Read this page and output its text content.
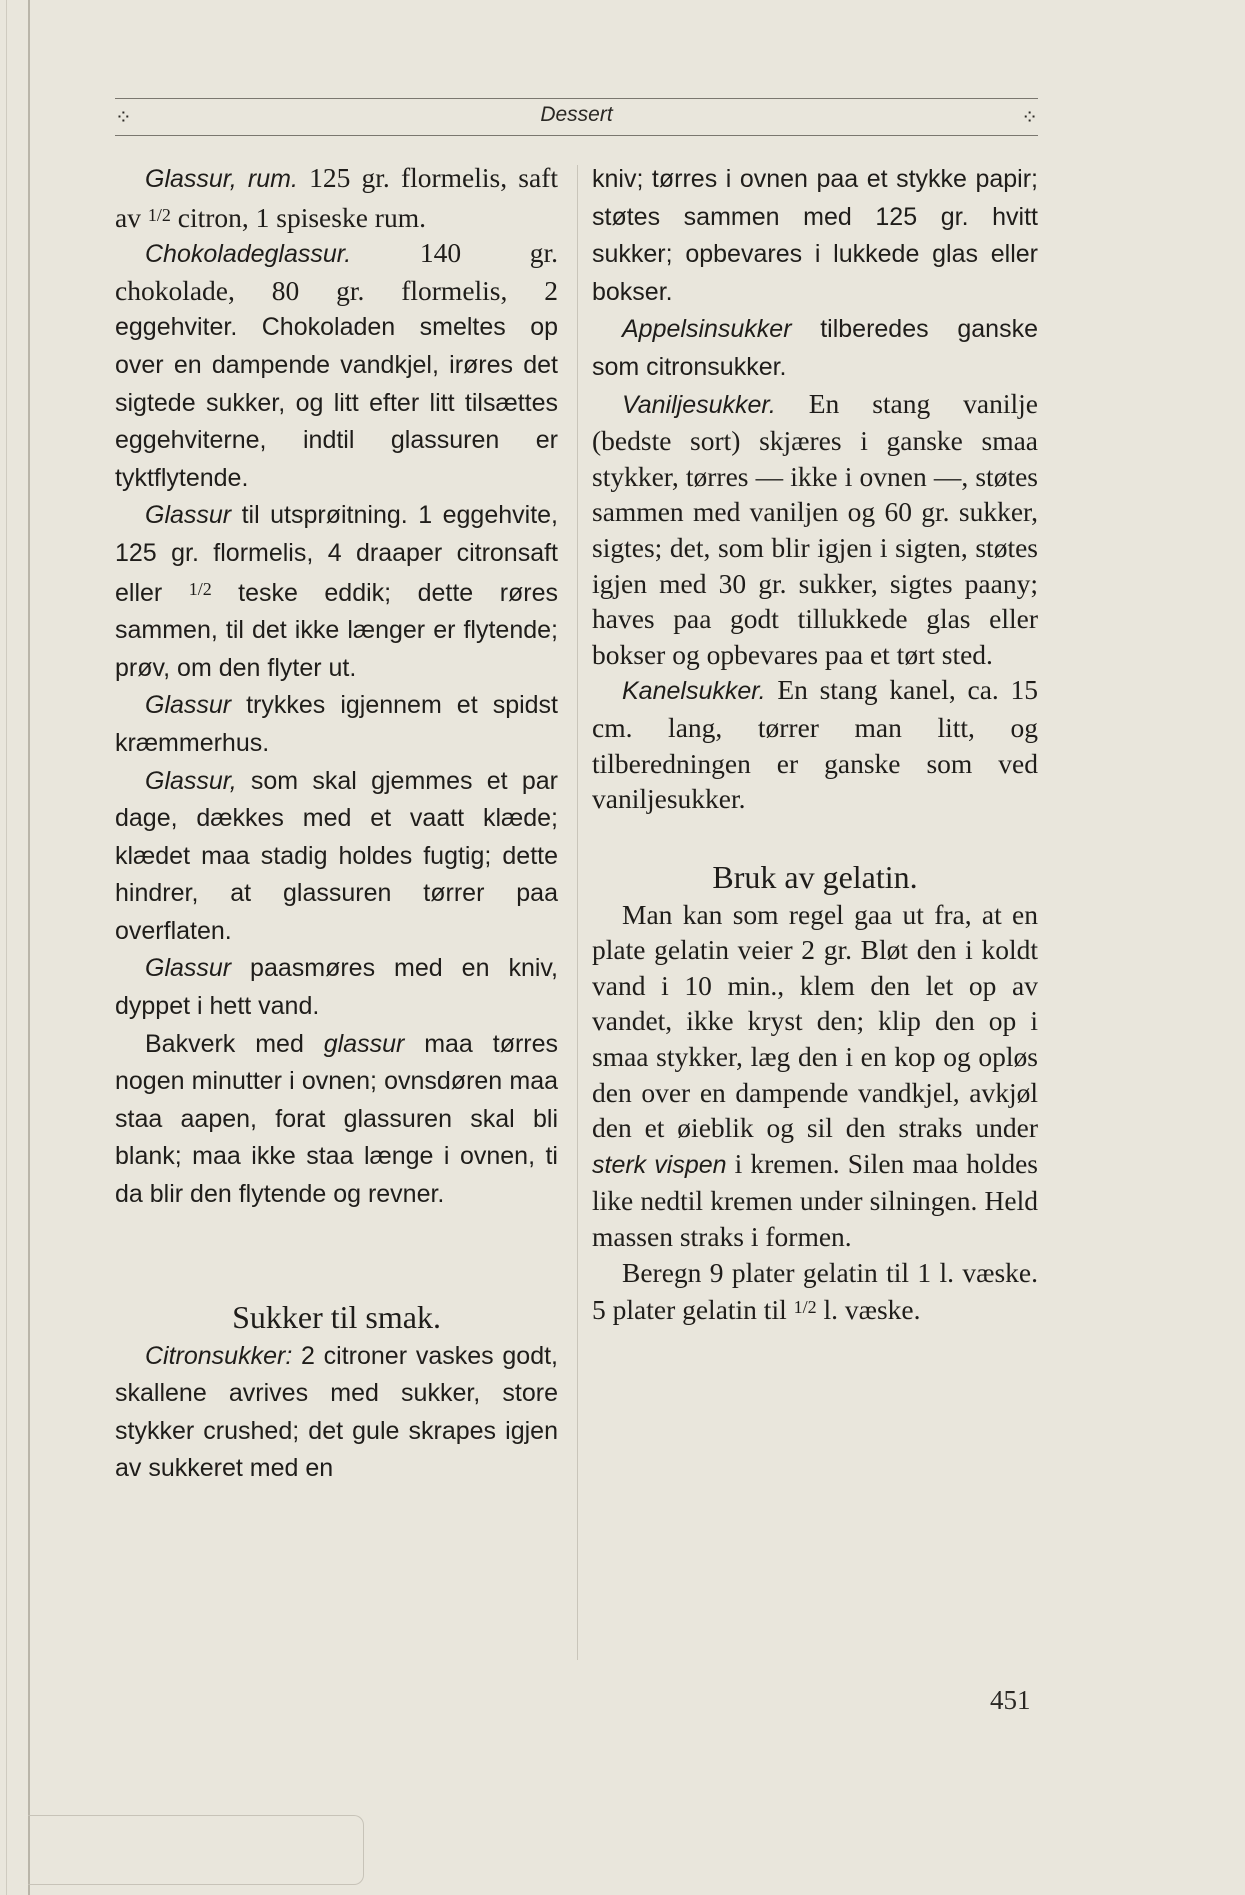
⁘	Dessert	⁘

Glassur, rum. 125 gr. flormelis, saft av $^{1/2}$ citron, 1 spiseske rum.

Chokoladeglassur. 140 gr. chokolade, 80 gr. flormelis, 2 eggehviter. Chokoladen smeltes op over en dampende vandkjel, irøres det sigtede sukker, og litt efter litt tilsættes eggehviterne, indtil glassuren er tyktflytende.

Glassur til utsprøitning. 1 eggehvite, 125 gr. flormelis, 4 draaper citronsaft eller $^{1/2}$ teske eddik; dette røres sammen, til det ikke længer er flytende; prøv, om den flyter ut.

Glassur trykkes igjennem et spidst kræmmerhus.

Glassur, som skal gjemmes et par dage, dækkes med et vaatt klæde; klædet maa stadig holdes fugtig; dette hindrer, at glassuren tørrer paa overflaten.

Glassur paasmøres med en kniv, dyppet i hett vand.

Bakverk med glassur maa tørres nogen minutter i ovnen; ovnsdøren maa staa aapen, forat glassuren skal bli blank; maa ikke staa længe i ovnen, ti da blir den flytende og revner.

Sukker til smak.

Citronsukker: 2 citroner vaskes godt, skallene avrives med sukker, store stykker crushed; det gule skrapes igjen av sukkeret med en

kniv; tørres i ovnen paa et stykke papir; støtes sammen med 125 gr. hvitt sukker; opbevares i lukkede glas eller bokser.

Appelsinsukker tilberedes ganske som citronsukker.

Vaniljesukker. En stang vanilje (bedste sort) skjæres i ganske smaa stykker, tørres — ikke i ovnen —, støtes sammen med vaniljen og 60 gr. sukker, sigtes; det, som blir igjen i sigten, støtes igjen med 30 gr. sukker, sigtes paany; haves paa godt tillukkede glas eller bokser og opbevares paa et tørt sted.

Kanelsukker. En stang kanel, ca. 15 cm. lang, tørrer man litt, og tilberedningen er ganske som ved vaniljesukker.

Bruk av gelatin.

Man kan som regel gaa ut fra, at en plate gelatin veier 2 gr. Bløt den i koldt vand i 10 min., klem den let op av vandet, ikke kryst den; klip den op i smaa stykker, læg den i en kop og opløs den over en dampende vandkjel, avkjøl den et øieblik og sil den straks under sterk vispen i kremen. Silen maa holdes like nedtil kremen under silningen. Held massen straks i formen.

Beregn 9 plater gelatin til 1 l. væske. 5 plater gelatin til $^{1/2}$ l. væske.

451
